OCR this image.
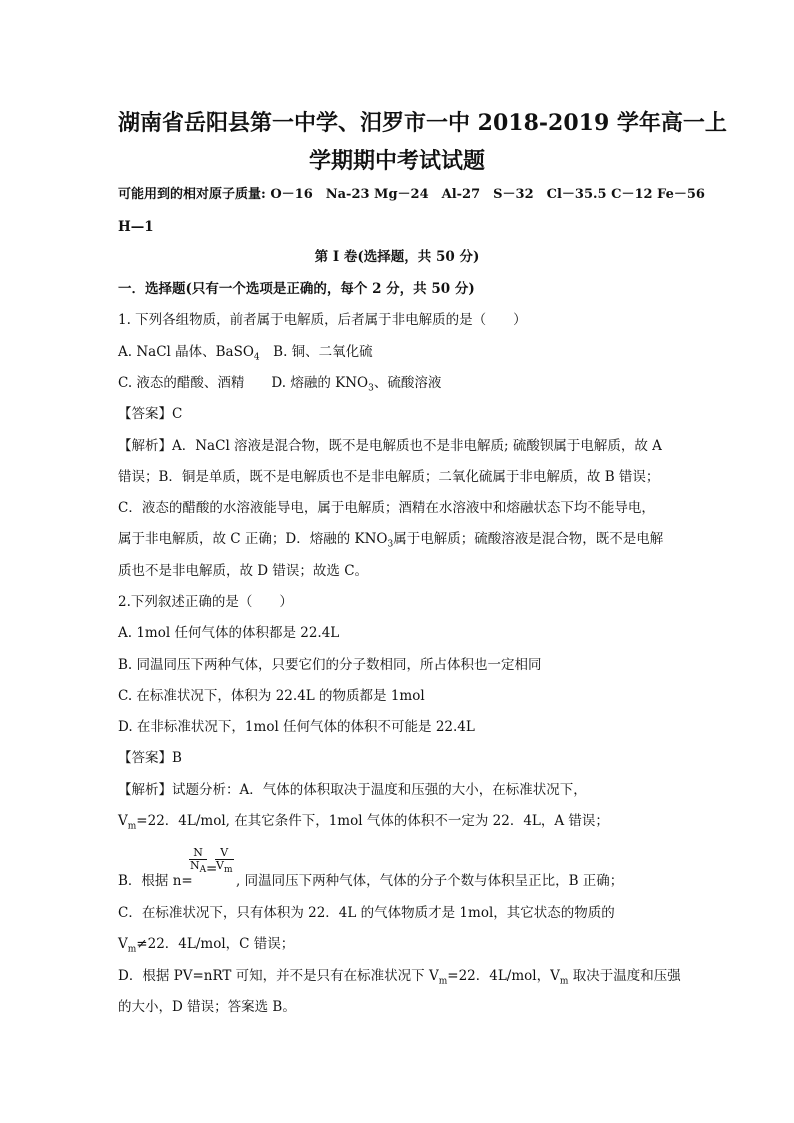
湖南省岳阳县第一中学、汨罗市一中 2018-2019 学年高一上
学期期中考试试题
可能用到的相对原子质量: O－16　Na-23 Mg－24　Al-27　S－32　Cl－35.5 C－12 Fe－56
H—1
第 I 卷(选择题，共 50 分)
一．选择题(只有一个选项是正确的，每个 2 分，共 50 分)
1. 下列各组物质，前者属于电解质，后者属于非电解质的是（　　）
A. NaCl 晶体、BaSO$_4$　B. 铜、二氧化硫
C. 液态的醋酸、酒精　　D. 熔融的 $KNO_3$、硫酸溶液
【答案】C
【解析】A．NaCl 溶液是混合物，既不是电解质也不是非电解质; 硫酸钡属于电解质，故 A
错误；B．铜是单质，既不是电解质也不是非电解质；二氧化硫属于非电解质，故 B 错误；
C．液态的醋酸的水溶液能导电，属于电解质；酒精在水溶液中和熔融状态下均不能导电，
属于非电解质，故 C 正确；D．熔融的 $KNO_3$属于电解质；硫酸溶液是混合物，既不是电解
质也不是非电解质，故 D 错误；故选 C。
2.下列叙述正确的是（　　）
A. 1mol 任何气体的体积都是 22.4L
B. 同温同压下两种气体，只要它们的分子数相同，所占体积也一定相同
C. 在标准状况下，体积为 22.4L 的物质都是 1mol
D. 在非标准状况下，1mol 任何气体的体积不可能是 22.4L
【答案】B
【解析】试题分析：A．气体的体积取决于温度和压强的大小，在标准状况下，
$V_m=22$．4L/mol, 在其它条件下，1mol 气体的体积不一定为 22．4L，A 错误；
$\frac{N}{N_A} \frac{V}{V_m}$
B．根据 n=
=
, 同温同压下两种气体，气体的分子个数与体积呈正比，B 正确；
C．在标准状况下，只有体积为 22．4L 的气体物质才是 1mol，其它状态的物质的
$V_m\ne 22$．4L/mol，C 错误；
D．根据 PV=nRT 可知，并不是只有在标准状况下 $V_m=22$．4L/mol，$V_m$ 取决于温度和压强
的大小，D 错误；答案选 B。
